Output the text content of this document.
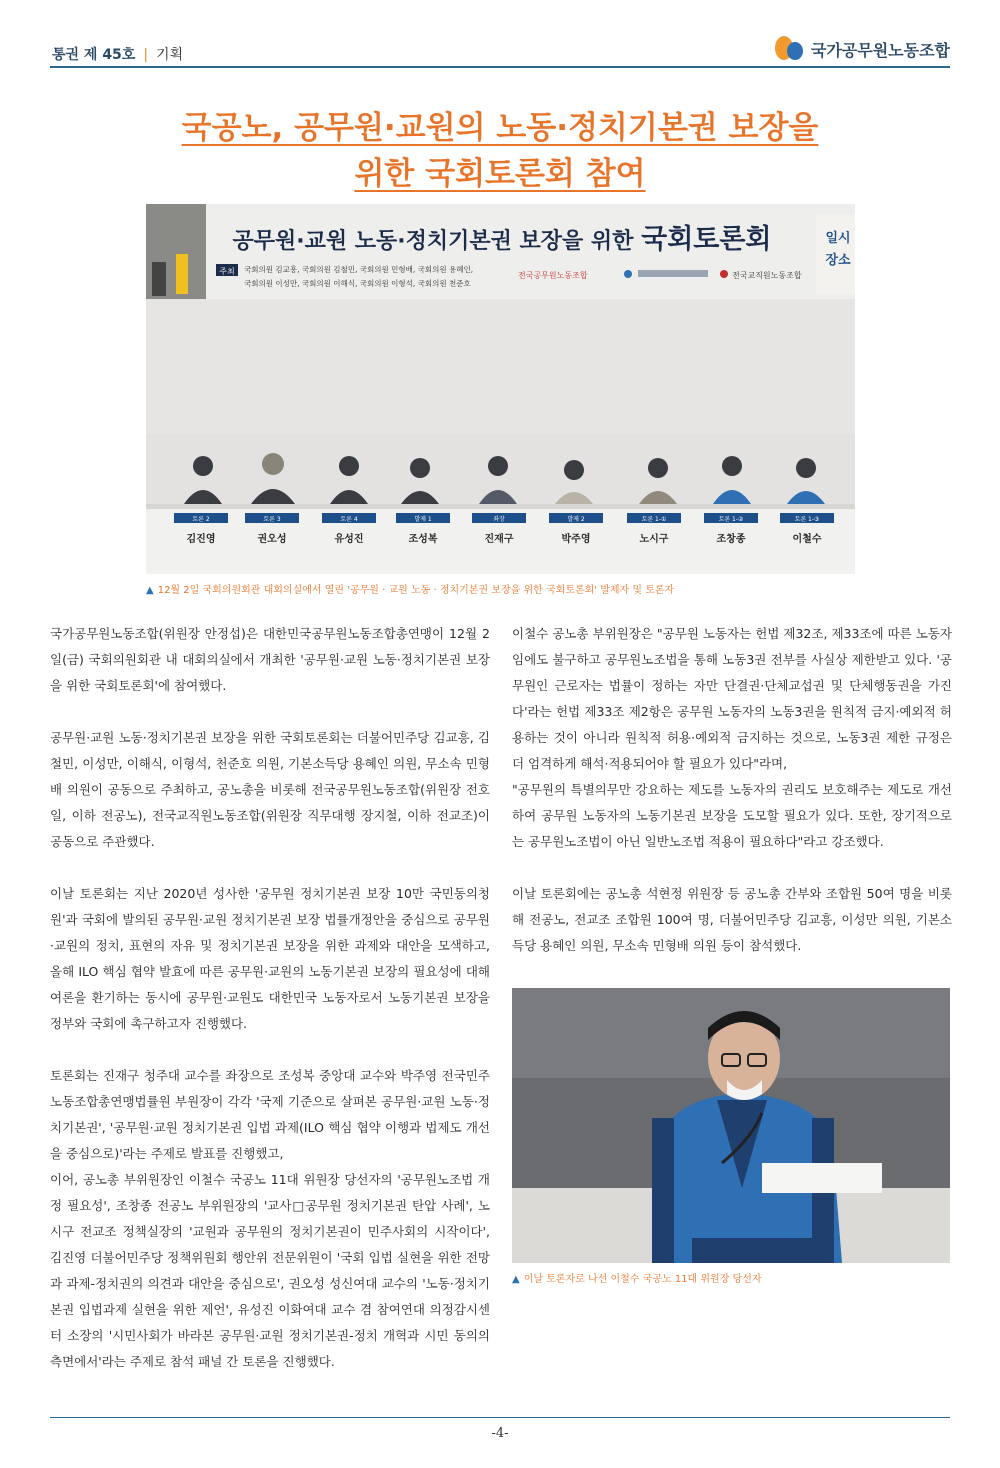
통권 제 45호 | 기획	국가공무원노동조합
국공노, 공무원·교원의 노동·정치기본권 보장을
위한 국회토론회 참여
일시
장소
공무원·교원 노동·정치기본권 보장을 위한 국회토론회
주최 국회의원 김교흥, 국회의원 김철민, 국회의원 민형배, 국회의원 용혜인,
국회의원 이성만, 국회의원 이해식, 국회의원 이형석, 국회의원 천준호
전국공무원노동조합	전국교직원노동조합
토론 2
김진영
토론 3
권오성
토론 4
유성진
발제 1
조성복
좌장
진재구
발제 2
박주영
토론 1-①
노시구
토론 1-②
조창종
토론 1-③
이철수
▲ 12월 2일 국회의원회관 대회의실에서 열린 '공무원 · 교원 노동 · 정치기본권 보장을 위한 국회토론회' 발제자 및 토론자

국가공무원노동조합(위원장 안정섭)은 대한민국공무원노동조합총연맹이 12월 2일(금) 국회의원회관 내 대회의실에서 개최한 '공무원·교원 노동·정치기본권 보장을 위한 국회토론회'에 참여했다.

공무원·교원 노동·정치기본권 보장을 위한 국회토론회는 더불어민주당 김교흥, 김철민, 이성만, 이해식, 이형석, 천준호 의원, 기본소득당 용혜인 의원, 무소속 민형배 의원이 공동으로 주최하고, 공노총을 비롯해 전국공무원노동조합(위원장 전호일, 이하 전공노), 전국교직원노동조합(위원장 직무대행 장지철, 이하 전교조)이 공동으로 주관했다.

이날 토론회는 지난 2020년 성사한 '공무원 정치기본권 보장 10만 국민동의청원'과 국회에 발의된 공무원·교원 정치기본권 보장 법률개정안을 중심으로 공무원·교원의 정치, 표현의 자유 및 정치기본권 보장을 위한 과제와 대안을 모색하고, 올해 ILO 핵심 협약 발효에 따른 공무원·교원의 노동기본권 보장의 필요성에 대해 여론을 환기하는 동시에 공무원·교원도 대한민국 노동자로서 노동기본권 보장을 정부와 국회에 촉구하고자 진행했다.

토론회는 진재구 청주대 교수를 좌장으로 조성복 중앙대 교수와 박주영 전국민주노동조합총연맹법률원 부원장이 각각 '국제 기준으로 살펴본 공무원·교원 노동·정치기본권', '공무원·교원 정치기본권 입법 과제(ILO 핵심 협약 이행과 법제도 개선을 중심으로)'라는 주제로 발표를 진행했고,
이어, 공노총 부위원장인 이철수 국공노 11대 위원장 당선자의 '공무원노조법 개정 필요성', 조창종 전공노 부위원장의 '교사□공무원 정치기본권 탄압 사례', 노시구 전교조 정책실장의 '교원과 공무원의 정치기본권이 민주사회의 시작이다', 김진영 더불어민주당 정책위원회 행안위 전문위원이 '국회 입법 실현을 위한 전망과 과제-정치권의 의견과 대안을 중심으로', 권오성 성신여대 교수의 '노동·정치기본권 입법과제 실현을 위한 제언', 유성진 이화여대 교수 겸 참여연대 의정감시센터 소장의 '시민사회가 바라본 공무원·교원 정치기본권-정치 개혁과 시민 동의의 측면에서'라는 주제로 참석 패널 간 토론을 진행했다.

이철수 공노총 부위원장은 "공무원 노동자는 헌법 제32조, 제33조에 따른 노동자임에도 불구하고 공무원노조법을 통해 노동3권 전부를 사실상 제한받고 있다. '공무원인 근로자는 법률이 정하는 자만 단결권·단체교섭권 및 단체행동권을 가진다'라는 헌법 제33조 제2항은 공무원 노동자의 노동3권을 원칙적 금지·예외적 허용하는 것이 아니라 원칙적 허용·예외적 금지하는 것으로, 노동3권 제한 규정은 더 엄격하게 해석·적용되어야 할 필요가 있다"라며,
"공무원의 특별의무만 강요하는 제도를 노동자의 권리도 보호해주는 제도로 개선하여 공무원 노동자의 노동기본권 보장을 도모할 필요가 있다. 또한, 장기적으로는 공무원노조법이 아닌 일반노조법 적용이 필요하다"라고 강조했다.

이날 토론회에는 공노총 석현정 위원장 등 공노총 간부와 조합원 50여 명을 비롯해 전공노, 전교조 조합원 100여 명, 더불어민주당 김교흥, 이성만 의원, 기본소득당 용혜인 의원, 무소속 민형배 의원 등이 참석했다.

▲ 이날 토론자로 나선 이철수 국공노 11대 위원장 당선자
-4-
